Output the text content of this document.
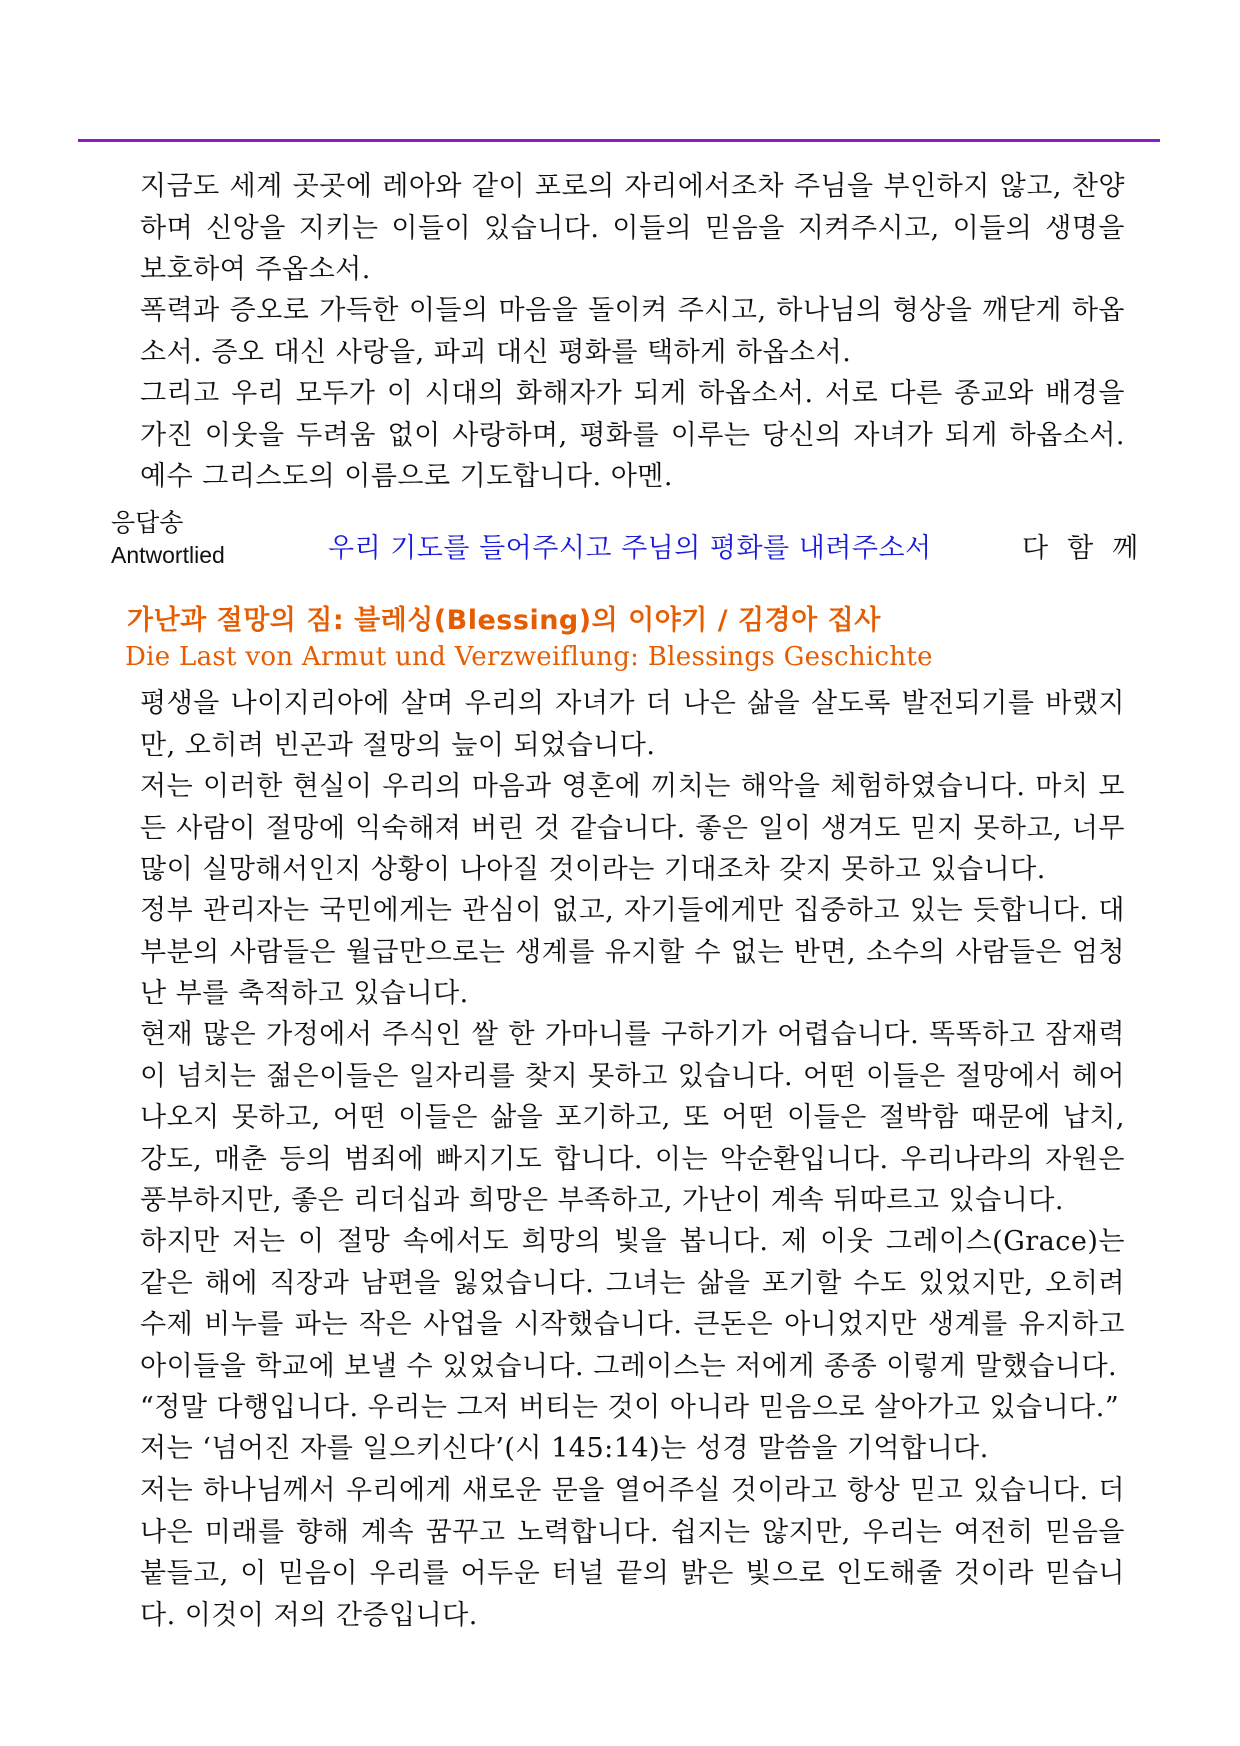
지금도 세계 곳곳에 레아와 같이 포로의 자리에서조차 주님을 부인하지 않고, 찬양하며 신앙을 지키는 이들이 있습니다. 이들의 믿음을 지켜주시고, 이들의 생명을 보호하여 주옵소서.

폭력과 증오로 가득한 이들의 마음을 돌이켜 주시고, 하나님의 형상을 깨닫게 하옵소서. 증오 대신 사랑을, 파괴 대신 평화를 택하게 하옵소서.

그리고 우리 모두가 이 시대의 화해자가 되게 하옵소서. 서로 다른 종교와 배경을 가진 이웃을 두려움 없이 사랑하며, 평화를 이루는 당신의 자녀가 되게 하옵소서. 예수 그리스도의 이름으로 기도합니다. 아멘.

응답송
Antwortlied	우리 기도를 들어주시고 주님의 평화를 내려주소서	다함께
가난과 절망의 짐: 블레싱(Blessing)의 이야기 / 김경아 집사
Die Last von Armut und Verzweiflung: Blessings Geschichte

평생을 나이지리아에 살며 우리의 자녀가 더 나은 삶을 살도록 발전되기를 바랬지만, 오히려 빈곤과 절망의 늪이 되었습니다.

저는 이러한 현실이 우리의 마음과 영혼에 끼치는 해악을 체험하였습니다. 마치 모든 사람이 절망에 익숙해져 버린 것 같습니다. 좋은 일이 생겨도 믿지 못하고, 너무 많이 실망해서인지 상황이 나아질 것이라는 기대조차 갖지 못하고 있습니다.

정부 관리자는 국민에게는 관심이 없고, 자기들에게만 집중하고 있는 듯합니다. 대부분의 사람들은 월급만으로는 생계를 유지할 수 없는 반면, 소수의 사람들은 엄청난 부를 축적하고 있습니다.

현재 많은 가정에서 주식인 쌀 한 가마니를 구하기가 어렵습니다. 똑똑하고 잠재력이 넘치는 젊은이들은 일자리를 찾지 못하고 있습니다. 어떤 이들은 절망에서 헤어나오지 못하고, 어떤 이들은 삶을 포기하고, 또 어떤 이들은 절박함 때문에 납치, 강도, 매춘 등의 범죄에 빠지기도 합니다. 이는 악순환입니다. 우리나라의 자원은 풍부하지만, 좋은 리더십과 희망은 부족하고, 가난이 계속 뒤따르고 있습니다.

하지만 저는 이 절망 속에서도 희망의 빛을 봅니다. 제 이웃 그레이스(Grace)는 같은 해에 직장과 남편을 잃었습니다. 그녀는 삶을 포기할 수도 있었지만, 오히려 수제 비누를 파는 작은 사업을 시작했습니다. 큰돈은 아니었지만 생계를 유지하고 아이들을 학교에 보낼 수 있었습니다. 그레이스는 저에게 종종 이렇게 말했습니다.

“정말 다행입니다. 우리는 그저 버티는 것이 아니라 믿음으로 살아가고 있습니다.”

저는 ‘넘어진 자를 일으키신다’(시 145:14)는 성경 말씀을 기억합니다.

저는 하나님께서 우리에게 새로운 문을 열어주실 것이라고 항상 믿고 있습니다. 더 나은 미래를 향해 계속 꿈꾸고 노력합니다. 쉽지는 않지만, 우리는 여전히 믿음을 붙들고, 이 믿음이 우리를 어두운 터널 끝의 밝은 빛으로 인도해줄 것이라 믿습니다. 이것이 저의 간증입니다.
